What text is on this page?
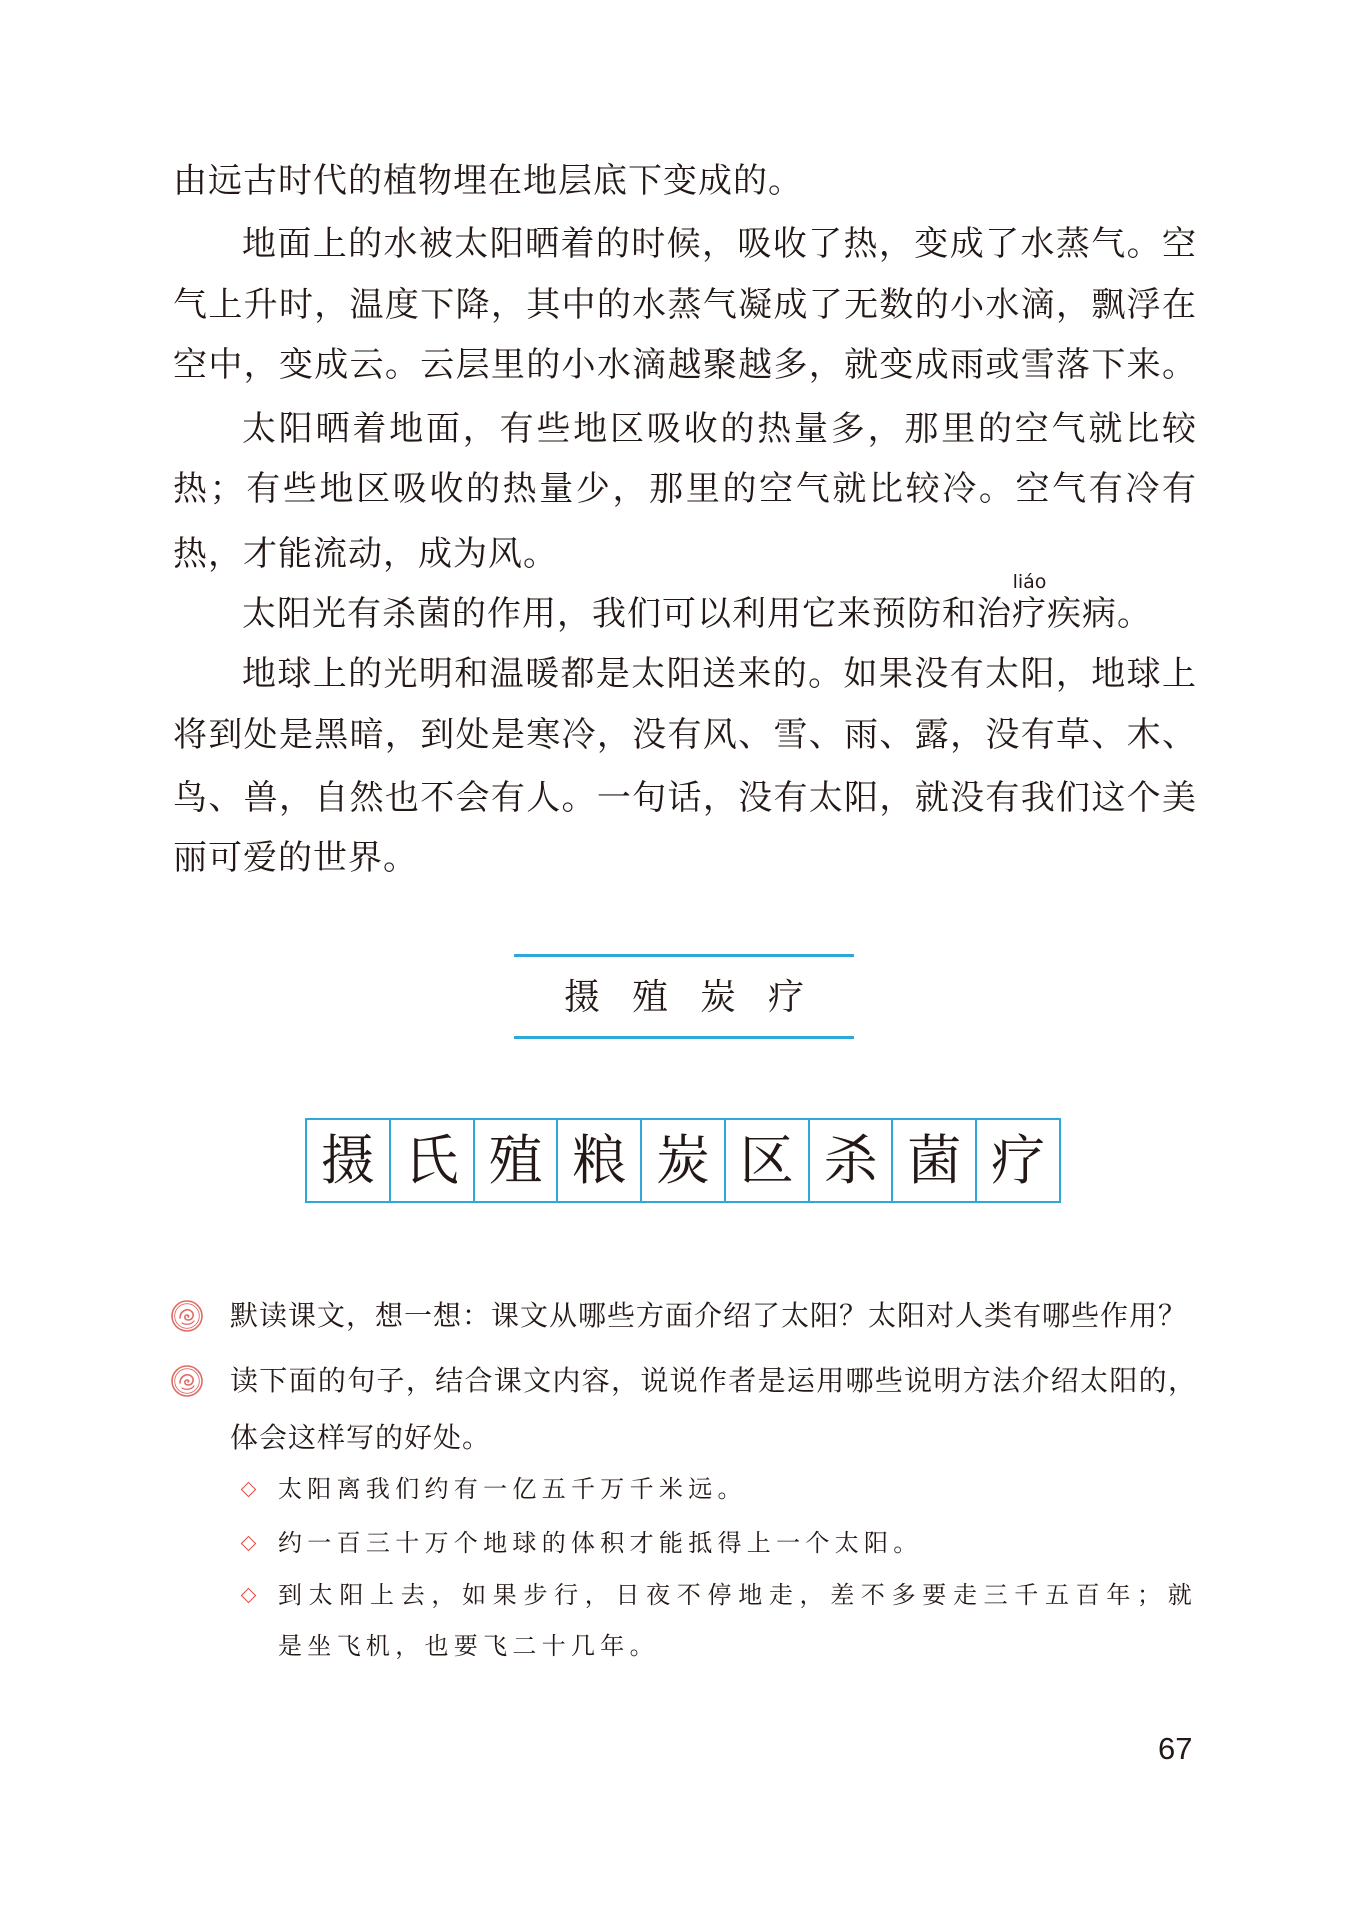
由远古时代的植物埋在地层底下变成的。
地面上的水被太阳晒着的时候，吸收了热，变成了水蒸气。空
气上升时，温度下降，其中的水蒸气凝成了无数的小水滴，飘浮在
空中，变成云。云层里的小水滴越聚越多，就变成雨或雪落下来。
太阳晒着地面，有些地区吸收的热量多，那里的空气就比较
热；有些地区吸收的热量少，那里的空气就比较冷。空气有冷有
热，才能流动，成为风。
太阳光有杀菌的作用，我们可以利用它来预防和治疗
liáo
疾病。
地球上的光明和温暖都是太阳送来的。如果没有太阳，地球上
将到处是黑暗，到处是寒冷，没有风、雪、雨、露，没有草、木、
鸟、兽，自然也不会有人。一句话，没有太阳，就没有我们这个美
丽可爱的世界。
摄 殖 炭 疗
摄 氏 殖 粮 炭 区 杀 菌 疗
默读课文，想一想：课文从哪些方面介绍了太阳？太阳对人类有哪些作用？
读下面的句子，结合课文内容，说说作者是运用哪些说明方法介绍太阳的，
体会这样写的好处。
太阳离我们约有一亿五千万千米远。
约一百三十万个地球的体积才能抵得上一个太阳。
到太阳上去，如果步行，日夜不停地走，差不多要走三千五百年；就
是坐飞机，也要飞二十几年。
67
